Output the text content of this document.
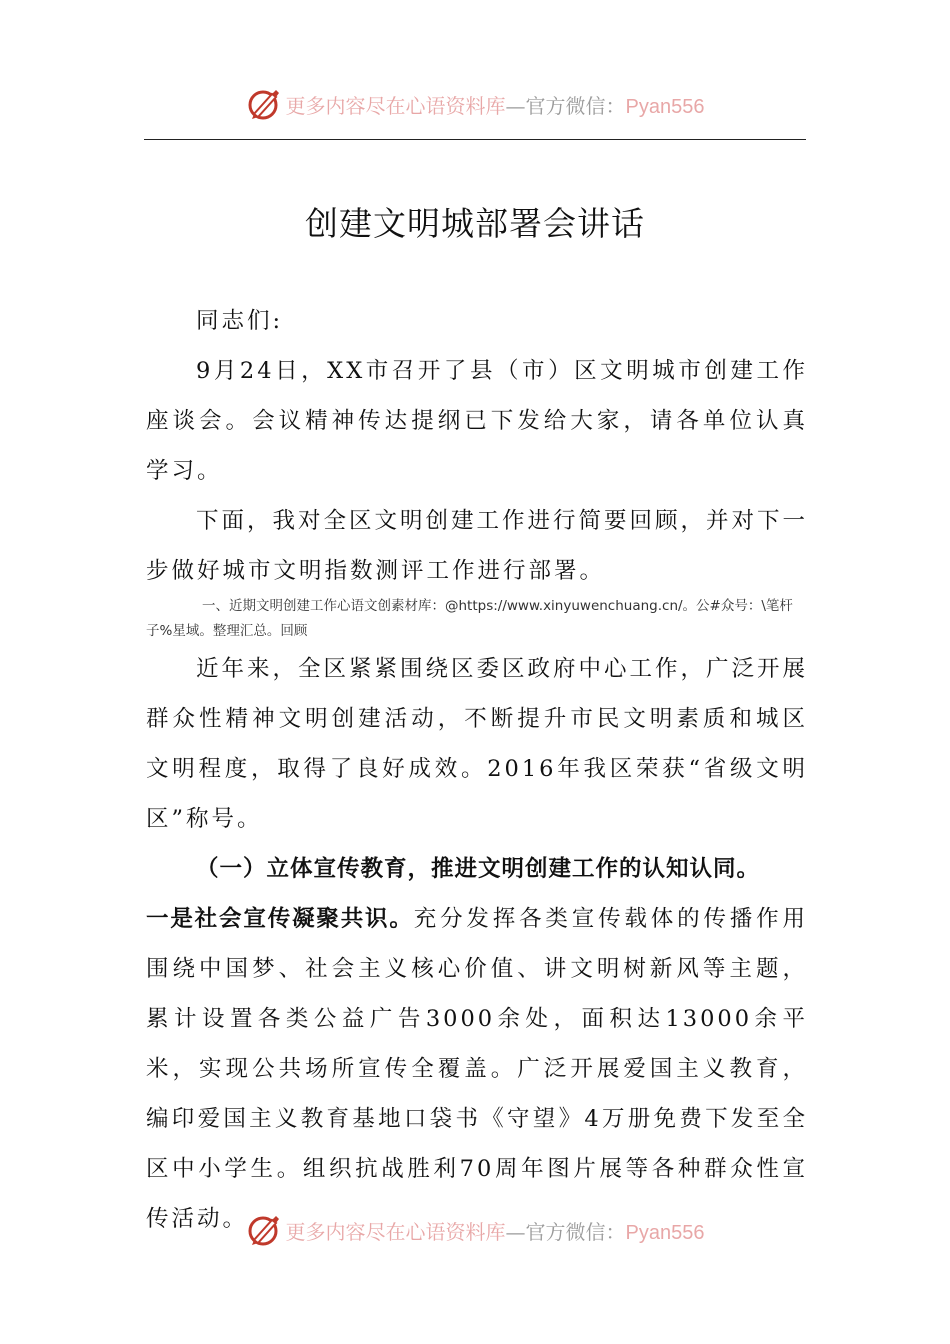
更多内容尽在心语资料库—官方微信：Pyan556
创建文明城部署会讲话

同志们:

9月24日，XX市召开了县（市）区文明城市创建工作座谈会。会议精神传达提纲已下发给大家，请各单位认真学习。

下面，我对全区文明创建工作进行简要回顾，并对下一步做好城市文明指数测评工作进行部署。

一、近期文明创建工作心语文创素材库：@https://www.xinyuwenchuang.cn/。公#众号：\笔杆子%星域。整理汇总。回顾

近年来，全区紧紧围绕区委区政府中心工作，广泛开展群众性精神文明创建活动，不断提升市民文明素质和城区文明程度，取得了良好成效。2016年我区荣获“省级文明区”称号。

（一）立体宣传教育，推进文明创建工作的认知认同。

一是社会宣传凝聚共识。充分发挥各类宣传载体的传播作用围绕中国梦、社会主义核心价值、讲文明树新风等主题，累计设置各类公益广告3000余处，面积达13000余平米，实现公共场所宣传全覆盖。广泛开展爱国主义教育，编印爱国主义教育基地口袋书《守望》4万册免费下发至全区中小学生。组织抗战胜利70周年图片展等各种群众性宣传活动。	更多内容尽在心语资料库—官方微信：Pyan556
